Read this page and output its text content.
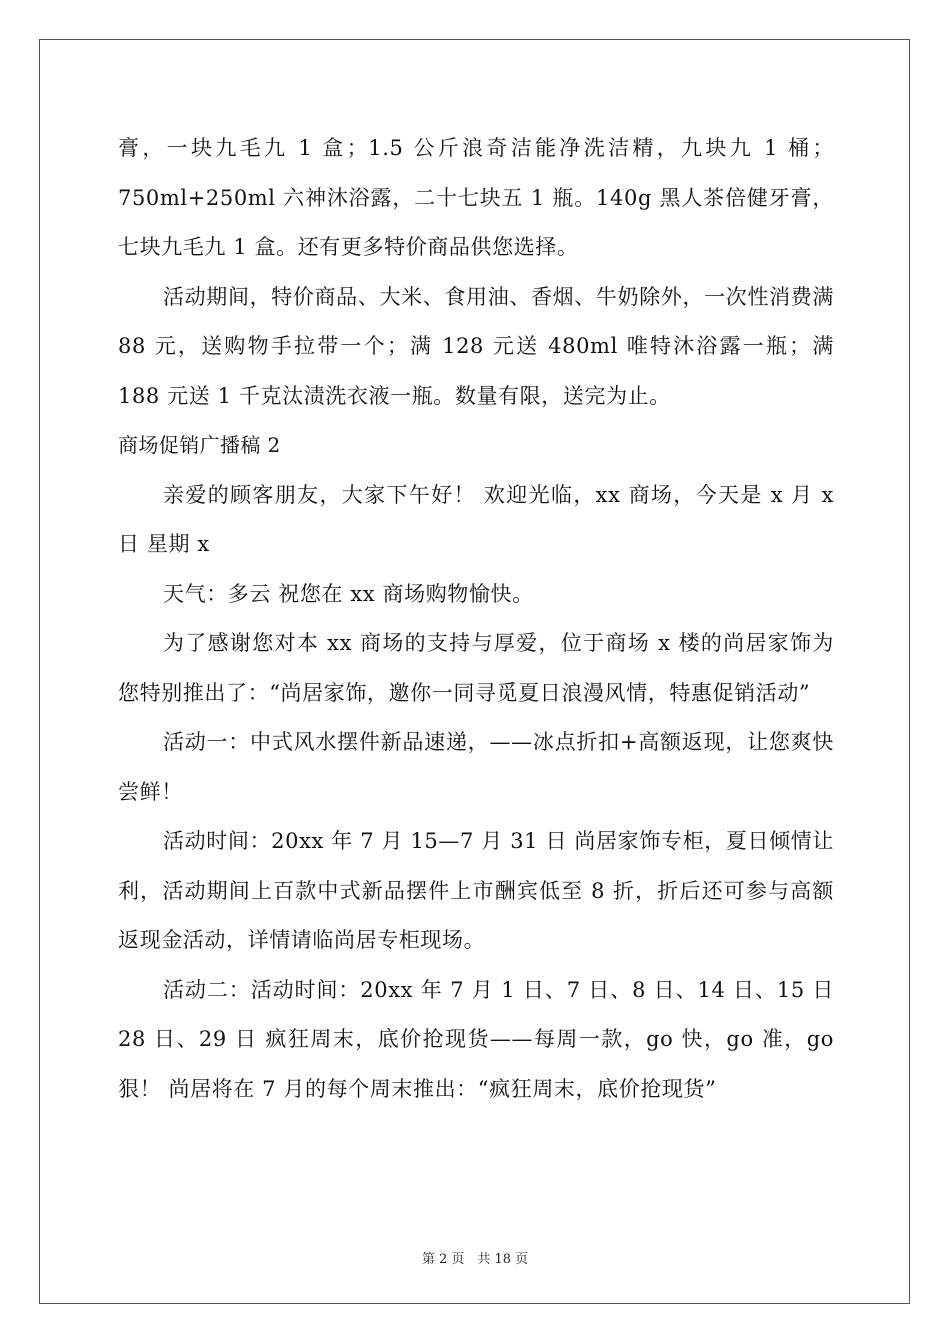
膏，一块九毛九 1 盒；1.5 公斤浪奇洁能净洗洁精，九块九 1 桶；750ml+250ml 六神沐浴露，二十七块五 1 瓶。140g 黑人茶倍健牙膏，七块九毛九 1 盒。还有更多特价商品供您选择。

活动期间，特价商品、大米、食用油、香烟、牛奶除外，一次性消费满 88 元，送购物手拉带一个；满 128 元送 480ml 唯特沐浴露一瓶；满 188 元送 1 千克汰渍洗衣液一瓶。数量有限，送完为止。

商场促销广播稿 2

亲爱的顾客朋友，大家下午好！ 欢迎光临，xx 商场，今天是 x 月 x 日 星期 x

天气：多云 祝您在 xx 商场购物愉快。

为了感谢您对本 xx 商场的支持与厚爱，位于商场 x 楼的尚居家饰为您特别推出了：“尚居家饰，邀你一同寻觅夏日浪漫风情，特惠促销活动”

活动一：中式风水摆件新品速递，——冰点折扣+高额返现，让您爽快尝鲜！

活动时间：20xx 年 7 月 15—7 月 31 日 尚居家饰专柜，夏日倾情让利，活动期间上百款中式新品摆件上市酬宾低至 8 折，折后还可参与高额返现金活动，详情请临尚居专柜现场。

活动二：活动时间：20xx 年 7 月 1 日、7 日、8 日、14 日、15 日 28 日、29 日 疯狂周末，底价抢现货——每周一款，go 快，go 准，go 狠！ 尚居将在 7 月的每个周末推出：“疯狂周末，底价抢现货”

第 2 页　共 18 页
